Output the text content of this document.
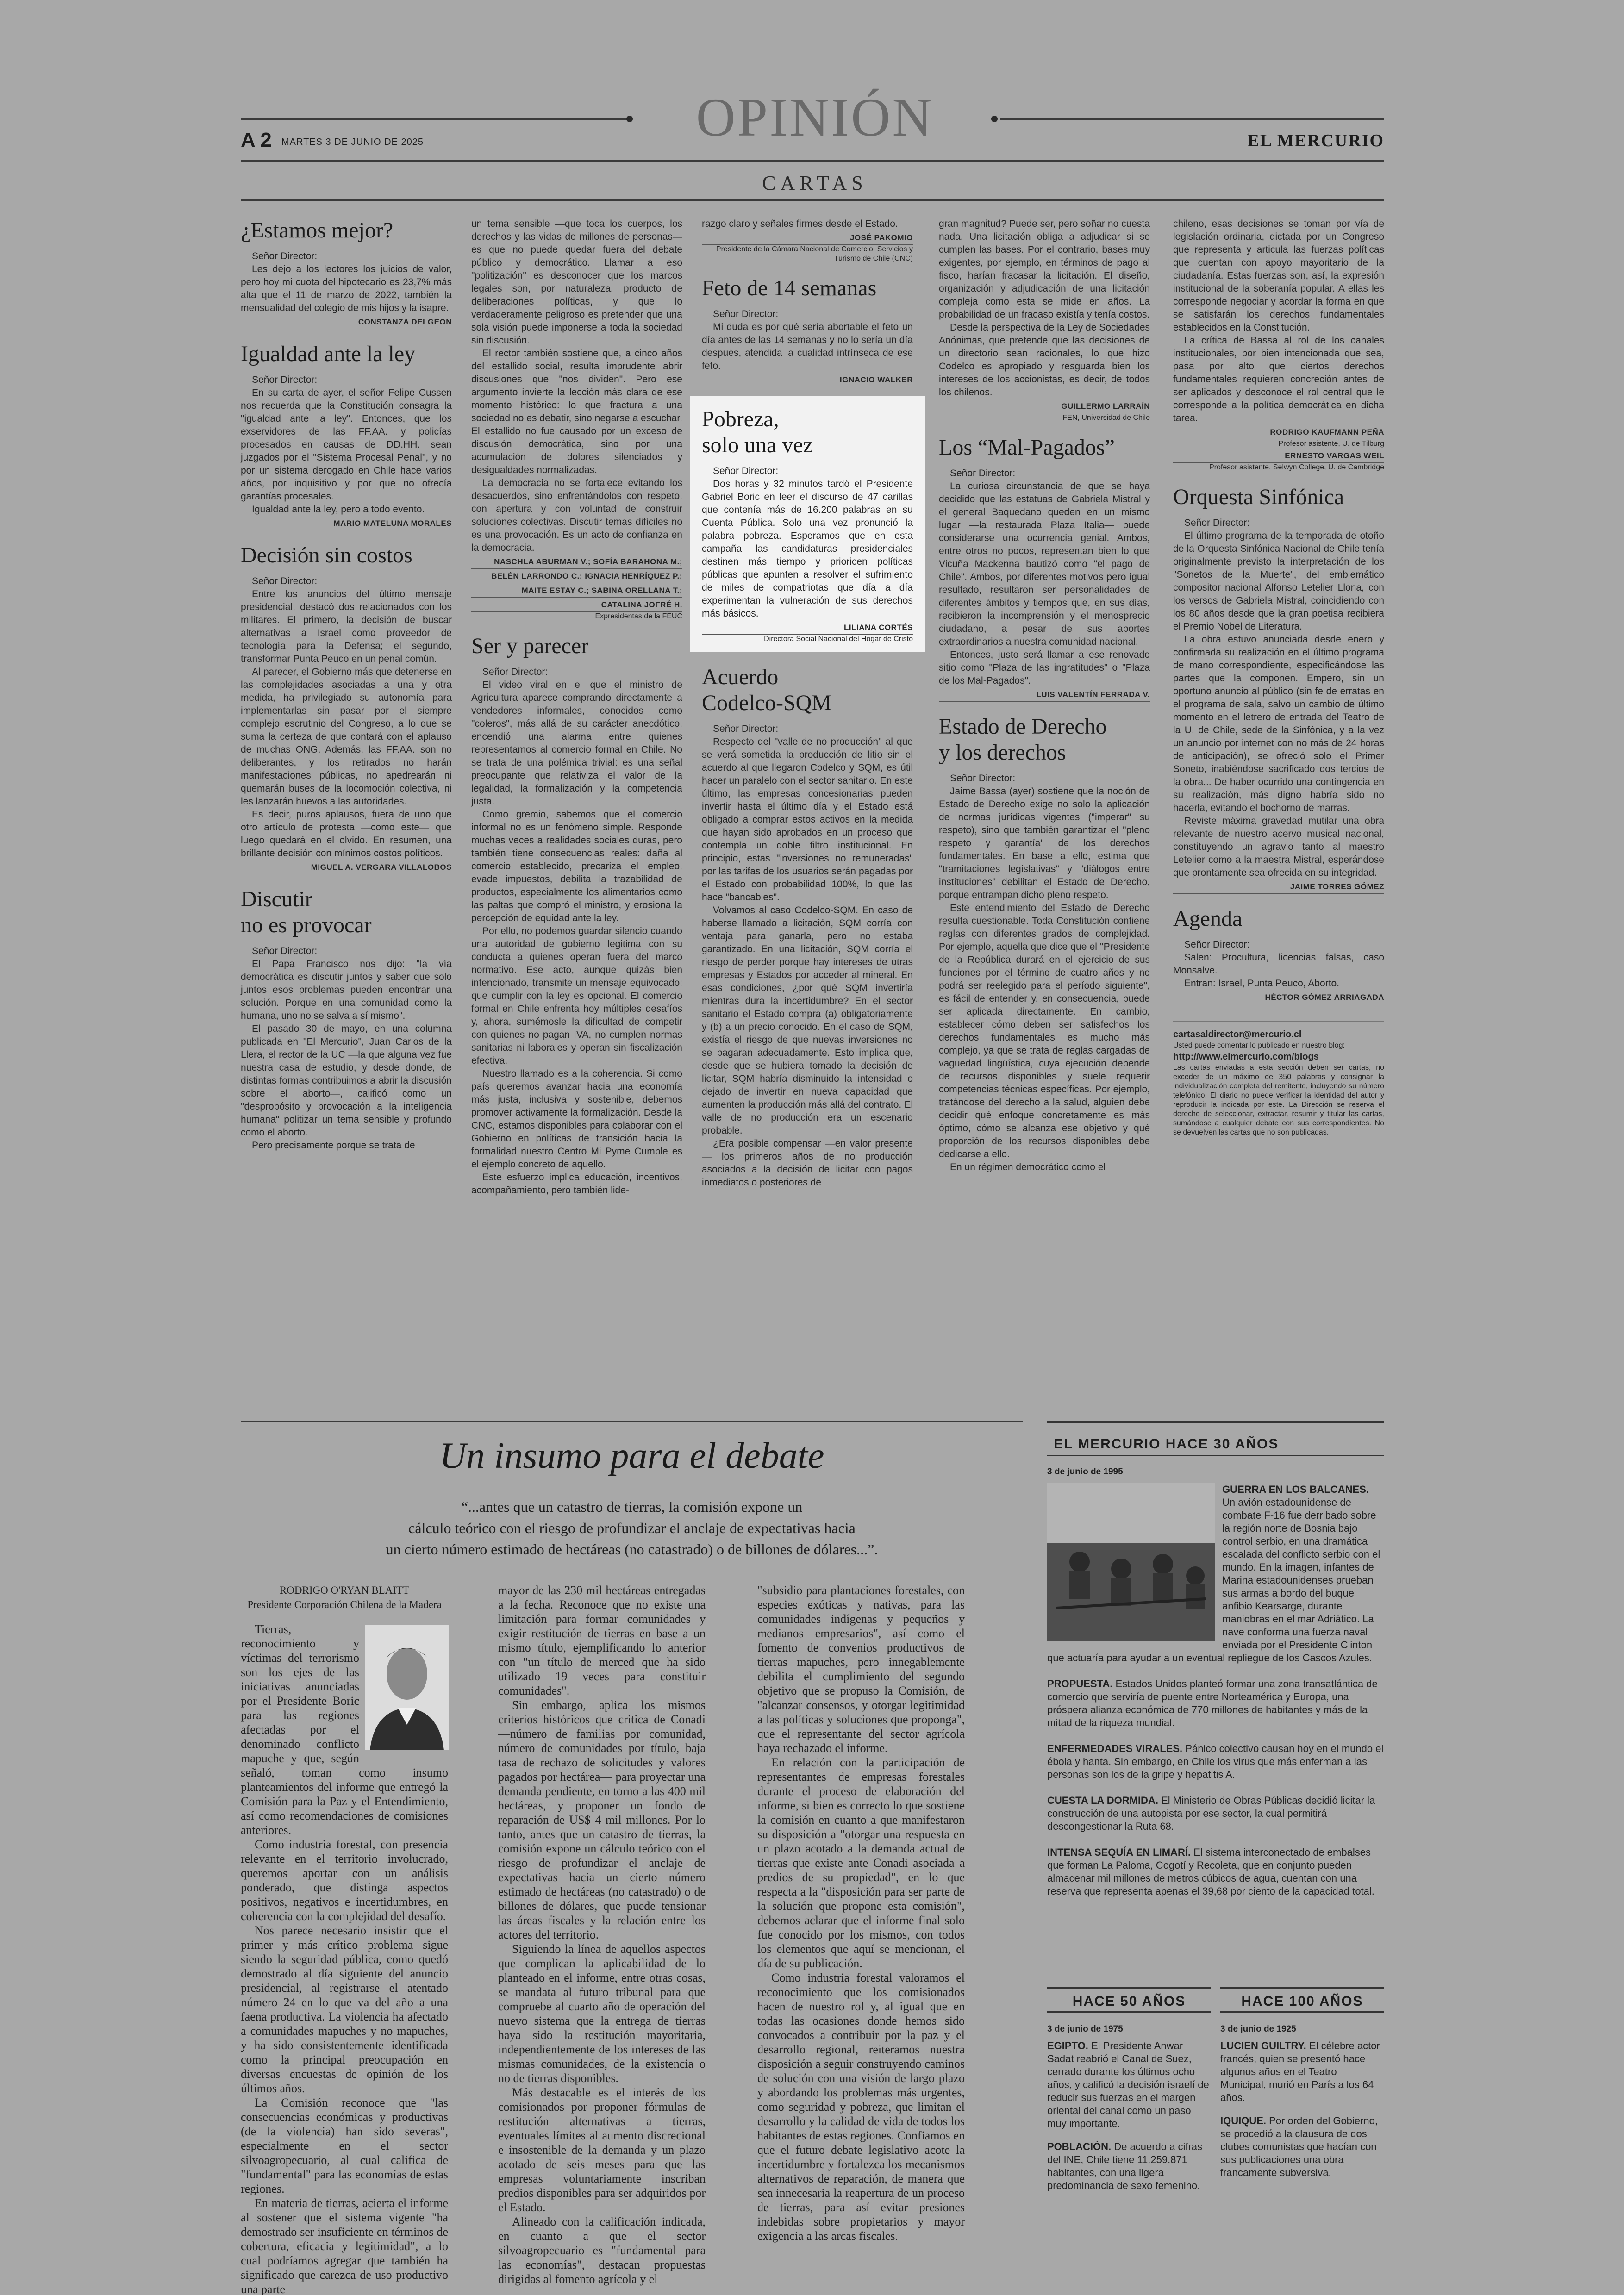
OPINIÓN
A 2 MARTES 3 DE JUNIO DE 2025	EL MERCURIO
CARTAS
¿Estamos mejor?
Señor Director:

Les dejo a los lectores los juicios de valor, pero hoy mi cuota del hipotecario es 23,7% más alta que el 11 de marzo de 2022, también la mensualidad del colegio de mis hijos y la isapre.

CONSTANZA DELGEON
Igualdad ante la ley
Señor Director:

En su carta de ayer, el señor Felipe Cussen nos recuerda que la Constitución consagra la "igualdad ante la ley". Entonces, que los exservidores de las FF.AA. y policías procesados en causas de DD.HH. sean juzgados por el "Sistema Procesal Penal", y no por un sistema derogado en Chile hace varios años, por inquisitivo y por que no ofrecía garantías procesales.

Igualdad ante la ley, pero a todo evento.

MARIO MATELUNA MORALES
Decisión sin costos
Señor Director:

Entre los anuncios del último mensaje presidencial, destacó dos relacionados con los militares. El primero, la decisión de buscar alternativas a Israel como proveedor de tecnología para la Defensa; el segundo, transformar Punta Peuco en un penal común.

Al parecer, el Gobierno más que detenerse en las complejidades asociadas a una y otra medida, ha privilegiado su autonomía para implementarlas sin pasar por el siempre complejo escrutinio del Congreso, a lo que se suma la certeza de que contará con el aplauso de muchas ONG. Además, las FF.AA. son no deliberantes, y los retirados no harán manifestaciones públicas, no apedrearán ni quemarán buses de la locomoción colectiva, ni les lanzarán huevos a las autoridades.

Es decir, puros aplausos, fuera de uno que otro artículo de protesta —como este— que luego quedará en el olvido. En resumen, una brillante decisión con mínimos costos políticos.

MIGUEL A. VERGARA VILLALOBOS
Discutir
no es provocar
Señor Director:

El Papa Francisco nos dijo: "la vía democrática es discutir juntos y saber que solo juntos esos problemas pueden encontrar una solución. Porque en una comunidad como la humana, uno no se salva a sí mismo".

El pasado 30 de mayo, en una columna publicada en "El Mercurio", Juan Carlos de la Llera, el rector de la UC —la que alguna vez fue nuestra casa de estudio, y desde donde, de distintas formas contribuimos a abrir la discusión sobre el aborto—, calificó como un "despropósito y provocación a la inteligencia humana" politizar un tema sensible y profundo como el aborto.

Pero precisamente porque se trata de

un tema sensible —que toca los cuerpos, los derechos y las vidas de millones de personas— es que no puede quedar fuera del debate público y democrático. Llamar a eso "politización" es desconocer que los marcos legales son, por naturaleza, producto de deliberaciones políticas, y que lo verdaderamente peligroso es pretender que una sola visión puede imponerse a toda la sociedad sin discusión.

El rector también sostiene que, a cinco años del estallido social, resulta imprudente abrir discusiones que "nos dividen". Pero ese argumento invierte la lección más clara de ese momento histórico: lo que fractura a una sociedad no es debatir, sino negarse a escuchar. El estallido no fue causado por un exceso de discusión democrática, sino por una acumulación de dolores silenciados y desigualdades normalizadas.

La democracia no se fortalece evitando los desacuerdos, sino enfrentándolos con respeto, con apertura y con voluntad de construir soluciones colectivas. Discutir temas difíciles no es una provocación. Es un acto de confianza en la democracia.

NASCHLA ABURMAN V.; SOFÍA BARAHONA M.;
BELÉN LARRONDO C.; IGNACIA HENRÍQUEZ P.;
MAITE ESTAY C.; SABINA ORELLANA T.;
CATALINA JOFRÉ H.
Expresidentas de la FEUC
Ser y parecer
Señor Director:

El video viral en el que el ministro de Agricultura aparece comprando directamente a vendedores informales, conocidos como "coleros", más allá de su carácter anecdótico, encendió una alarma entre quienes representamos al comercio formal en Chile. No se trata de una polémica trivial: es una señal preocupante que relativiza el valor de la legalidad, la formalización y la competencia justa.

Como gremio, sabemos que el comercio informal no es un fenómeno simple. Responde muchas veces a realidades sociales duras, pero también tiene consecuencias reales: daña al comercio establecido, precariza el empleo, evade impuestos, debilita la trazabilidad de productos, especialmente los alimentarios como las paltas que compró el ministro, y erosiona la percepción de equidad ante la ley.

Por ello, no podemos guardar silencio cuando una autoridad de gobierno legitima con su conducta a quienes operan fuera del marco normativo. Ese acto, aunque quizás bien intencionado, transmite un mensaje equivocado: que cumplir con la ley es opcional. El comercio formal en Chile enfrenta hoy múltiples desafíos y, ahora, sumémosle la dificultad de competir con quienes no pagan IVA, no cumplen normas sanitarias ni laborales y operan sin fiscalización efectiva.

Nuestro llamado es a la coherencia. Si como país queremos avanzar hacia una economía más justa, inclusiva y sostenible, debemos promover activamente la formalización. Desde la CNC, estamos disponibles para colaborar con el Gobierno en políticas de transición hacia la formalidad nuestro Centro Mi Pyme Cumple es el ejemplo concreto de aquello.

Este esfuerzo implica educación, incentivos, acompañamiento, pero también lide-

razgo claro y señales firmes desde el Estado.

JOSÉ PAKOMIO
Presidente de la Cámara Nacional de Comercio, Servicios y Turismo de Chile (CNC)
Feto de 14 semanas
Señor Director:

Mi duda es por qué sería abortable el feto un día antes de las 14 semanas y no lo sería un día después, atendida la cualidad intrínseca de ese feto.

IGNACIO WALKER
Pobreza,
solo una vez
Señor Director:

Dos horas y 32 minutos tardó el Presidente Gabriel Boric en leer el discurso de 47 carillas que contenía más de 16.200 palabras en su Cuenta Pública. Solo una vez pronunció la palabra pobreza. Esperamos que en esta campaña las candidaturas presidenciales destinen más tiempo y prioricen políticas públicas que apunten a resolver el sufrimiento de miles de compatriotas que día a día experimentan la vulneración de sus derechos más básicos.

LILIANA CORTÉS
Directora Social Nacional del Hogar de Cristo
Acuerdo
Codelco-SQM
Señor Director:

Respecto del "valle de no producción" al que se verá sometida la producción de litio sin el acuerdo al que llegaron Codelco y SQM, es útil hacer un paralelo con el sector sanitario. En este último, las empresas concesionarias pueden invertir hasta el último día y el Estado está obligado a comprar estos activos en la medida que hayan sido aprobados en un proceso que contempla un doble filtro institucional. En principio, estas "inversiones no remuneradas" por las tarifas de los usuarios serán pagadas por el Estado con probabilidad 100%, lo que las hace "bancables".

Volvamos al caso Codelco-SQM. En caso de haberse llamado a licitación, SQM corría con ventaja para ganarla, pero no estaba garantizado. En una licitación, SQM corría el riesgo de perder porque hay intereses de otras empresas y Estados por acceder al mineral. En esas condiciones, ¿por qué SQM invertiría mientras dura la incertidumbre? En el sector sanitario el Estado compra (a) obligatoriamente y (b) a un precio conocido. En el caso de SQM, existía el riesgo de que nuevas inversiones no se pagaran adecuadamente. Esto implica que, desde que se hubiera tomado la decisión de licitar, SQM habría disminuido la intensidad o dejado de invertir en nueva capacidad que aumenten la producción más allá del contrato. El valle de no producción era un escenario probable.

¿Era posible compensar —en valor presente— los primeros años de no producción asociados a la decisión de licitar con pagos inmediatos o posteriores de

gran magnitud? Puede ser, pero soñar no cuesta nada. Una licitación obliga a adjudicar si se cumplen las bases. Por el contrario, bases muy exigentes, por ejemplo, en términos de pago al fisco, harían fracasar la licitación. El diseño, organización y adjudicación de una licitación compleja como esta se mide en años. La probabilidad de un fracaso existía y tenía costos.

Desde la perspectiva de la Ley de Sociedades Anónimas, que pretende que las decisiones de un directorio sean racionales, lo que hizo Codelco es apropiado y resguarda bien los intereses de los accionistas, es decir, de todos los chilenos.

GUILLERMO LARRAÍN
FEN, Universidad de Chile
Los “Mal-Pagados”
Señor Director:

La curiosa circunstancia de que se haya decidido que las estatuas de Gabriela Mistral y el general Baquedano queden en un mismo lugar —la restaurada Plaza Italia— puede considerarse una ocurrencia genial. Ambos, entre otros no pocos, representan bien lo que Vicuña Mackenna bautizó como "el pago de Chile". Ambos, por diferentes motivos pero igual resultado, resultaron ser personalidades de diferentes ámbitos y tiempos que, en sus días, recibieron la incomprensión y el menosprecio ciudadano, a pesar de sus aportes extraordinarios a nuestra comunidad nacional.

Entonces, justo será llamar a ese renovado sitio como "Plaza de las ingratitudes" o "Plaza de los Mal-Pagados".

LUIS VALENTÍN FERRADA V.
Estado de Derecho
y los derechos
Señor Director:

Jaime Bassa (ayer) sostiene que la noción de Estado de Derecho exige no solo la aplicación de normas jurídicas vigentes ("imperar" su respeto), sino que también garantizar el "pleno respeto y garantía" de los derechos fundamentales. En base a ello, estima que "tramitaciones legislativas" y "diálogos entre instituciones" debilitan el Estado de Derecho, porque entrampan dicho pleno respeto.

Este entendimiento del Estado de Derecho resulta cuestionable. Toda Constitución contiene reglas con diferentes grados de complejidad. Por ejemplo, aquella que dice que el "Presidente de la República durará en el ejercicio de sus funciones por el término de cuatro años y no podrá ser reelegido para el período siguiente", es fácil de entender y, en consecuencia, puede ser aplicada directamente. En cambio, establecer cómo deben ser satisfechos los derechos fundamentales es mucho más complejo, ya que se trata de reglas cargadas de vaguedad lingüística, cuya ejecución depende de recursos disponibles y suele requerir competencias técnicas específicas. Por ejemplo, tratándose del derecho a la salud, alguien debe decidir qué enfoque concretamente es más óptimo, cómo se alcanza ese objetivo y qué proporción de los recursos disponibles debe dedicarse a ello.

En un régimen democrático como el

chileno, esas decisiones se toman por vía de legislación ordinaria, dictada por un Congreso que representa y articula las fuerzas políticas que cuentan con apoyo mayoritario de la ciudadanía. Estas fuerzas son, así, la expresión institucional de la soberanía popular. A ellas les corresponde negociar y acordar la forma en que se satisfarán los derechos fundamentales establecidos en la Constitución.

La crítica de Bassa al rol de los canales institucionales, por bien intencionada que sea, pasa por alto que ciertos derechos fundamentales requieren concreción antes de ser aplicados y desconoce el rol central que le corresponde a la política democrática en dicha tarea.

RODRIGO KAUFMANN PEÑA
Profesor asistente, U. de Tilburg
ERNESTO VARGAS WEIL
Profesor asistente, Selwyn College, U. de Cambridge
Orquesta Sinfónica
Señor Director:

El último programa de la temporada de otoño de la Orquesta Sinfónica Nacional de Chile tenía originalmente previsto la interpretación de los "Sonetos de la Muerte", del emblemático compositor nacional Alfonso Letelier Llona, con los versos de Gabriela Mistral, coincidiendo con los 80 años desde que la gran poetisa recibiera el Premio Nobel de Literatura.

La obra estuvo anunciada desde enero y confirmada su realización en el último programa de mano correspondiente, especificándose las partes que la componen. Empero, sin un oportuno anuncio al público (sin fe de erratas en el programa de sala, salvo un cambio de último momento en el letrero de entrada del Teatro de la U. de Chile, sede de la Sinfónica, y a la vez un anuncio por internet con no más de 24 horas de anticipación), se ofreció solo el Primer Soneto, inabiéndose sacrificado dos tercios de la obra... De haber ocurrido una contingencia en su realización, más digno habría sido no hacerla, evitando el bochorno de marras.

Reviste máxima gravedad mutilar una obra relevante de nuestro acervo musical nacional, constituyendo un agravio tanto al maestro Letelier como a la maestra Mistral, esperándose que prontamente sea ofrecida en su integridad.

JAIME TORRES GÓMEZ
Agenda
Señor Director:

Salen: Procultura, licencias falsas, caso Monsalve.

Entran: Israel, Punta Peuco, Aborto.

HÉCTOR GÓMEZ ARRIAGADA
cartasaldirector@mercurio.cl
Usted puede comentar lo publicado en nuestro blog:
http://www.elmercurio.com/blogs
Las cartas enviadas a esta sección deben ser cartas, no exceder de un máximo de 350 palabras y consignar la individualización completa del remitente, incluyendo su número telefónico. El diario no puede verificar la identidad del autor y reproducir la indicada por este. La Dirección se reserva el derecho de seleccionar, extractar, resumir y titular las cartas, sumándose a cualquier debate con sus correspondientes. No se devuelven las cartas que no son publicadas.
Un insumo para el debate
“...antes que un catastro de tierras, la comisión expone un
cálculo teórico con el riesgo de profundizar el anclaje de expectativas hacia
un cierto número estimado de hectáreas (no catastrado) o de billones de dólares...”.
RODRIGO O'RYAN BLAITT
Presidente Corporación Chilena de la Madera

Tierras, reconocimiento y víctimas del terrorismo son los ejes de las iniciativas anunciadas por el Presidente Boric para las regiones afectadas por el denominado conflicto mapuche y que, según señaló, toman como insumo planteamientos del informe que entregó la Comisión para la Paz y el Entendimiento, así como recomendaciones de comisiones anteriores.

Como industria forestal, con presencia relevante en el territorio involucrado, queremos aportar con un análisis ponderado, que distinga aspectos positivos, negativos e incertidumbres, en coherencia con la complejidad del desafío.

Nos parece necesario insistir que el primer y más crítico problema sigue siendo la seguridad pública, como quedó demostrado al día siguiente del anuncio presidencial, al registrarse el atentado número 24 en lo que va del año a una faena productiva. La violencia ha afectado a comunidades mapuches y no mapuches, y ha sido consistentemente identificada como la principal preocupación en diversas encuestas de opinión de los últimos años.

La Comisión reconoce que "las consecuencias económicas y productivas (de la violencia) han sido severas", especialmente en el sector silvoagropecuario, al cual califica de "fundamental" para las economías de estas regiones.

En materia de tierras, acierta el informe al sostener que el sistema vigente "ha demostrado ser insuficiente en términos de cobertura, eficacia y legitimidad", a lo cual podríamos agregar que también ha significado que carezca de uso productivo una parte

mayor de las 230 mil hectáreas entregadas a la fecha. Reconoce que no existe una limitación para formar comunidades y exigir restitución de tierras en base a un mismo título, ejemplificando lo anterior con "un título de merced que ha sido utilizado 19 veces para constituir comunidades".

Sin embargo, aplica los mismos criterios históricos que critica de Conadi —número de familias por comunidad, número de comunidades por título, baja tasa de rechazo de solicitudes y valores pagados por hectárea— para proyectar una demanda pendiente, en torno a las 400 mil hectáreas, y proponer un fondo de reparación de US$ 4 mil millones. Por lo tanto, antes que un catastro de tierras, la comisión expone un cálculo teórico con el riesgo de profundizar el anclaje de expectativas hacia un cierto número estimado de hectáreas (no catastrado) o de billones de dólares, que puede tensionar las áreas fiscales y la relación entre los actores del territorio.

Siguiendo la línea de aquellos aspectos que complican la aplicabilidad de lo planteado en el informe, entre otras cosas, se mandata al futuro tribunal para que compruebe al cuarto año de operación del nuevo sistema que la entrega de tierras haya sido la restitución mayoritaria, independientemente de los intereses de las mismas comunidades, de la existencia o no de tierras disponibles.

Más destacable es el interés de los comisionados por proponer fórmulas de restitución alternativas a tierras, eventuales límites al aumento discrecional e insostenible de la demanda y un plazo acotado de seis meses para que las empresas voluntariamente inscriban predios disponibles para ser adquiridos por el Estado.

Alineado con la calificación indicada, en cuanto a que el sector silvoagropecuario es "fundamental para las economías", destacan propuestas dirigidas al fomento agrícola y el

"subsidio para plantaciones forestales, con especies exóticas y nativas, para las comunidades indígenas y pequeños y medianos empresarios", así como el fomento de convenios productivos de tierras mapuches, pero innegablemente debilita el cumplimiento del segundo objetivo que se propuso la Comisión, de "alcanzar consensos, y otorgar legitimidad a las políticas y soluciones que proponga", que el representante del sector agrícola haya rechazado el informe.

En relación con la participación de representantes de empresas forestales durante el proceso de elaboración del informe, si bien es correcto lo que sostiene la comisión en cuanto a que manifestaron su disposición a "otorgar una respuesta en un plazo acotado a la demanda actual de tierras que existe ante Conadi asociada a predios de su propiedad", en lo que respecta a la "disposición para ser parte de la solución que propone esta comisión", debemos aclarar que el informe final solo fue conocido por los mismos, con todos los elementos que aquí se mencionan, el día de su publicación.

Como industria forestal valoramos el reconocimiento que los comisionados hacen de nuestro rol y, al igual que en todas las ocasiones donde hemos sido convocados a contribuir por la paz y el desarrollo regional, reiteramos nuestra disposición a seguir construyendo caminos de solución con una visión de largo plazo y abordando los problemas más urgentes, como seguridad y pobreza, que limitan el desarrollo y la calidad de vida de todos los habitantes de estas regiones. Confiamos en que el futuro debate legislativo acote la incertidumbre y fortalezca los mecanismos alternativos de reparación, de manera que sea innecesaria la reapertura de un proceso de tierras, para así evitar presiones indebidas sobre propietarios y mayor exigencia a las arcas fiscales.

EL MERCURIO HACE 30 AÑOS
3 de junio de 1995
GUERRA EN LOS BALCANES. Un avión estadounidense de combate F-16 fue derribado sobre la región norte de Bosnia bajo control serbio, en una dramática escalada del conflicto serbio con el mundo. En la imagen, infantes de Marina estadounidenses prueban sus armas a bordo del buque anfibio Kearsarge, durante maniobras en el mar Adriático. La nave conforma una fuerza naval enviada por el Presidente Clinton que actuaría para ayudar a un eventual repliegue de los Cascos Azules.
PROPUESTA. Estados Unidos planteó formar una zona transatlántica de comercio que serviría de puente entre Norteamérica y Europa, una próspera alianza económica de 770 millones de habitantes y más de la mitad de la riqueza mundial.
ENFERMEDADES VIRALES. Pánico colectivo causan hoy en el mundo el ébola y hanta. Sin embargo, en Chile los virus que más enferman a las personas son los de la gripe y hepatitis A.
CUESTA LA DORMIDA. El Ministerio de Obras Públicas decidió licitar la construcción de una autopista por ese sector, la cual permitirá descongestionar la Ruta 68.
INTENSA SEQUÍA EN LIMARÍ. El sistema interconectado de embalses que forman La Paloma, Cogotí y Recoleta, que en conjunto pueden almacenar mil millones de metros cúbicos de agua, cuentan con una reserva que representa apenas el 39,68 por ciento de la capacidad total.
HACE 50 AÑOS	HACE 100 AÑOS
3 de junio de 1975
EGIPTO. El Presidente Anwar Sadat reabrió el Canal de Suez, cerrado durante los últimos ocho años, y calificó la decisión israelí de reducir sus fuerzas en el margen oriental del canal como un paso muy importante.
POBLACIÓN. De acuerdo a cifras del INE, Chile tiene 11.259.871 habitantes, con una ligera predominancia de sexo femenino.
3 de junio de 1925
LUCIEN GUILTRY. El célebre actor francés, quien se presentó hace algunos años en el Teatro Municipal, murió en París a los 64 años.
IQUIQUE. Por orden del Gobierno, se procedió a la clausura de dos clubes comunistas que hacían con sus publicaciones una obra francamente subversiva.
